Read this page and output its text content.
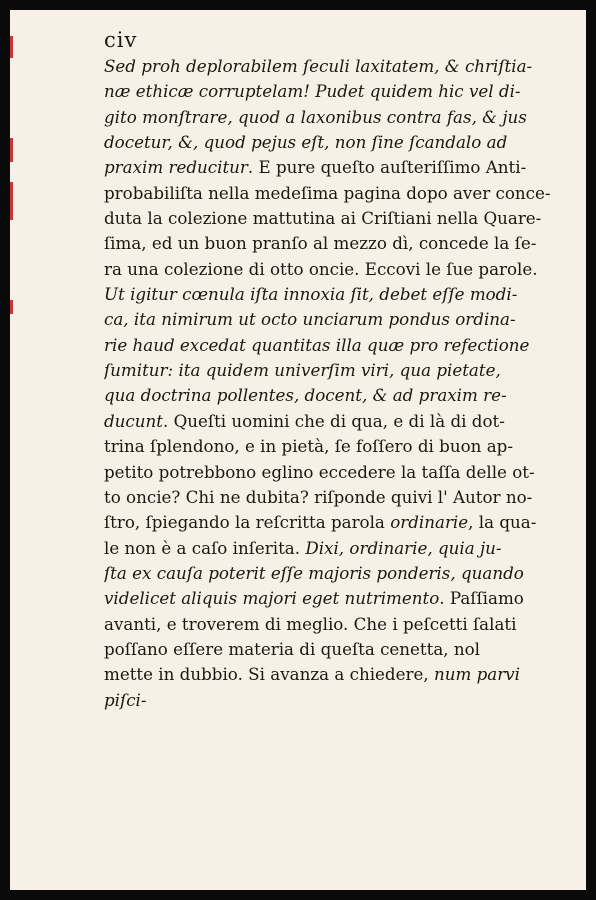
civ
Sed proh deplorabilem ſeculi laxitatem, & chriſtia-
næ ethicæ corruptelam! Pudet quidem hic vel di-
gito monſtrare, quod a laxonibus contra fas, & jus
docetur, &, quod pejus eſt, non ſine ſcandalo ad
praxim reducitur. E pure queſto auſteriſſimo Anti-
probabiliſta nella medeſima pagina dopo aver conce-
duta la colezione mattutina ai Criſtiani nella Quare-
ſima, ed un buon pranſo al mezzo dì, concede la ſe-
ra una colezione di otto oncie. Eccovi le ſue parole.
Ut igitur cœnula iſta innoxia ſit, debet eſſe modi-
ca, ita nimirum ut octo unciarum pondus ordina-
rie haud excedat quantitas illa quæ pro refectione
ſumitur: ita quidem univerſim viri, qua pietate,
qua doctrina pollentes, docent, & ad praxim re-
ducunt. Queſti uomini che di qua, e di là di dot-
trina ſplendono, e in pietà, ſe foſſero di buon ap-
petito potrebbono eglino eccedere la taſſa delle ot-
to oncie? Chi ne dubita? riſponde quivi l' Autor no-
ſtro, ſpiegando la reſcritta parola ordinarie, la qua-
le non è a caſo inſerita. Dixi, ordinarie, quia ju-
ſta ex cauſa poterit eſſe majoris ponderis, quando
videlicet aliquis majori eget nutrimento. Paſſiamo
avanti, e troverem di meglio. Che i peſcetti ſalati
poſſano eſſere materia di queſta cenetta, nol
mette in dubbio. Si avanza a chiedere, num parvi
piſci-
